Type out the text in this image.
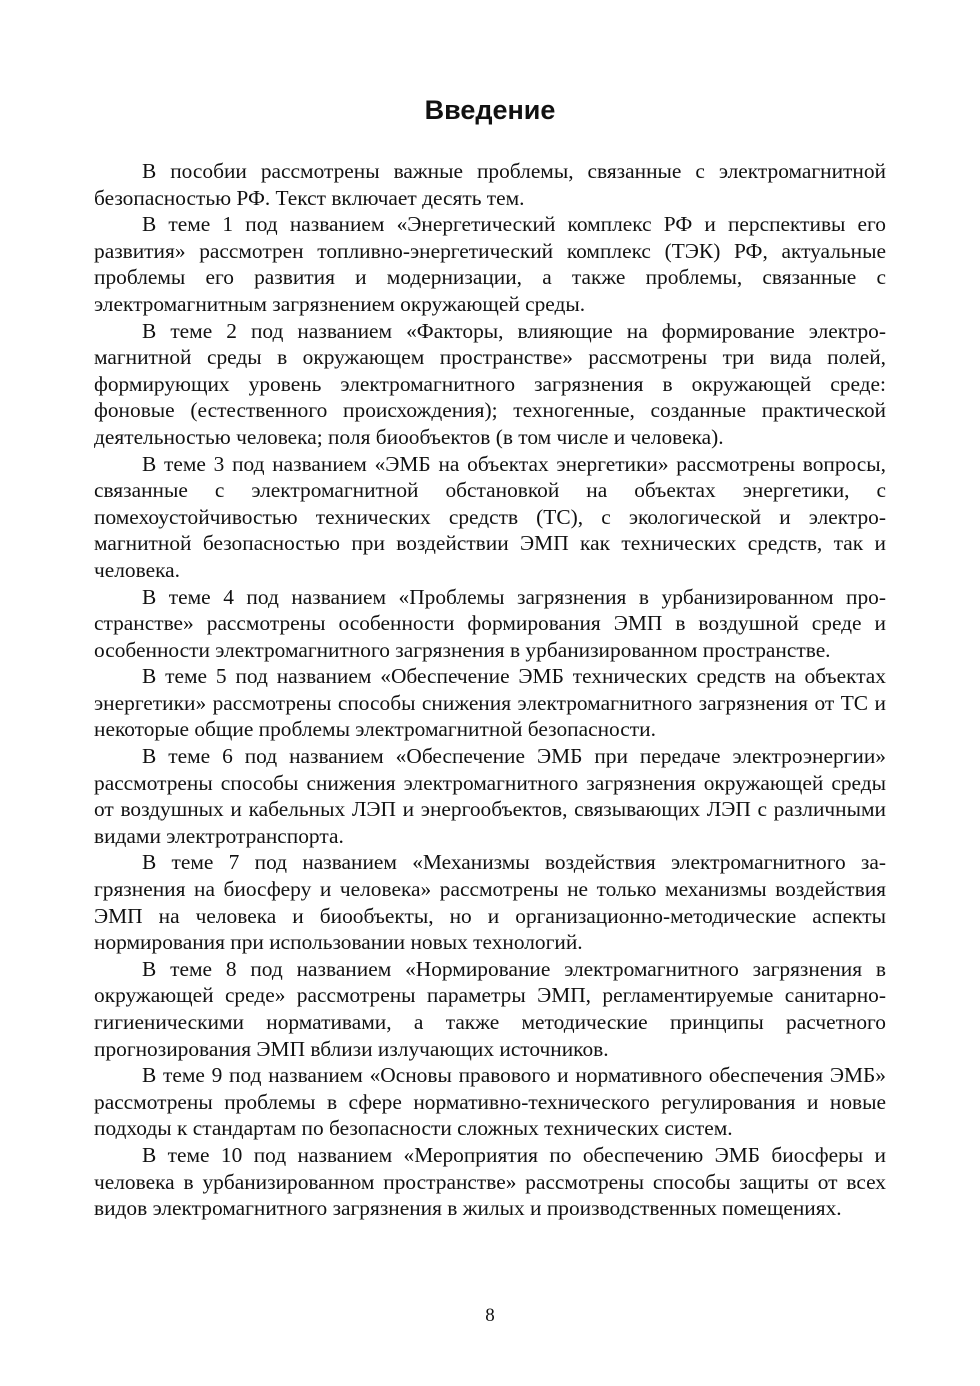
Введение

В пособии рассмотрены важные проблемы, связанные с электромагнитной безопасностью РФ. Текст включает десять тем.

В теме 1 под названием «Энергетический комплекс РФ и перспективы его развития» рассмотрен топливно-энергетический комплекс (ТЭК) РФ, актуальные проблемы его развития и модернизации, а также проблемы, связанные с электромагнитным загрязнением окружающей среды.

В теме 2 под названием «Факторы, влияющие на формирование электромагнитной среды в окружающем пространстве» рассмотрены три вида полей, формирующих уровень электромагнитного загрязнения в окружающей среде: фоновые (естественного происхождения); техногенные, созданные практической деятельностью человека; поля биообъектов (в том числе и человека).

В теме 3 под названием «ЭМБ на объектах энергетики» рассмотрены вопросы, связанные с электромагнитной обстановкой на объектах энергетики, с помехоустойчивостью технических средств (ТС), с экологической и электромагнитной безопасностью при воздействии ЭМП как технических средств, так и человека.

В теме 4 под названием «Проблемы загрязнения в урбанизированном пространстве» рассмотрены особенности формирования ЭМП в воздушной среде и особенности электромагнитного загрязнения в урбанизированном пространстве.

В теме 5 под названием «Обеспечение ЭМБ технических средств на объектах энергетики» рассмотрены способы снижения электромагнитного загрязнения от ТС и некоторые общие проблемы электромагнитной безопасности.

В теме 6 под названием «Обеспечение ЭМБ при передаче электроэнергии» рассмотрены способы снижения электромагнитного загрязнения окружающей среды от воздушных и кабельных ЛЭП и энергообъектов, связывающих ЛЭП с различными видами электротранспорта.

В теме 7 под названием «Механизмы воздействия электромагнитного загрязнения на биосферу и человека» рассмотрены не только механизмы воздействия ЭМП на человека и биообъекты, но и организационно-методические аспекты нормирования при использовании новых технологий.

В теме 8 под названием «Нормирование электромагнитного загрязнения в окружающей среде» рассмотрены параметры ЭМП, регламентируемые санитарно-гигиеническими нормативами, а также методические принципы расчетного прогнозирования ЭМП вблизи излучающих источников.

В теме 9 под названием «Основы правового и нормативного обеспечения ЭМБ» рассмотрены проблемы в сфере нормативно-технического регулирования и новые подходы к стандартам по безопасности сложных технических систем.

В теме 10 под названием «Мероприятия по обеспечению ЭМБ биосферы и человека в урбанизированном пространстве» рассмотрены способы защиты от всех видов электромагнитного загрязнения в жилых и производственных помещениях.

8
